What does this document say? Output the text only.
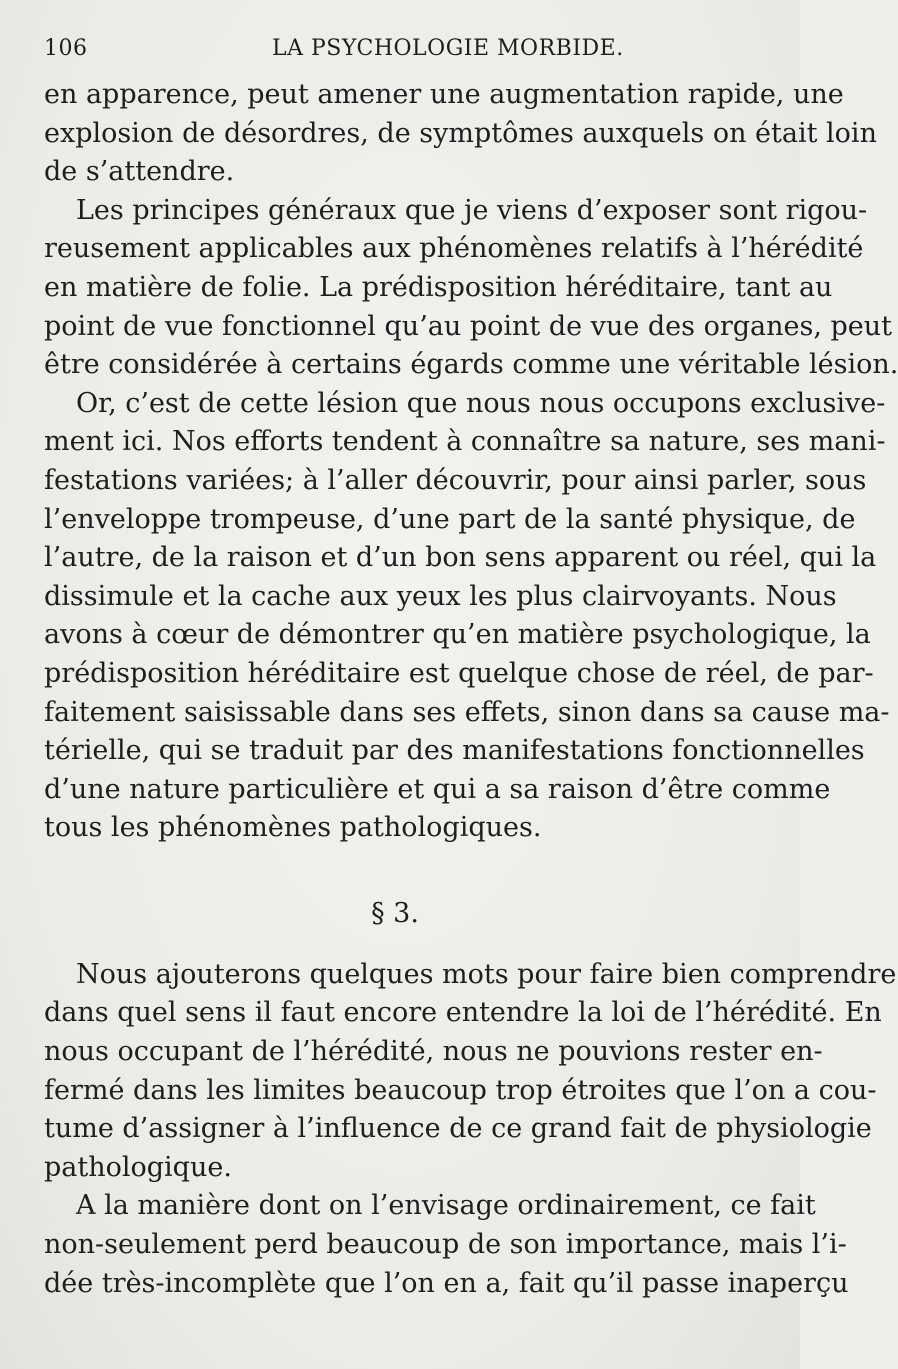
106	LA PSYCHOLOGIE MORBIDE.
en apparence, peut amener une augmentation rapide, une
explosion de désordres, de symptômes auxquels on était loin
de s’attendre.
Les principes généraux que je viens d’exposer sont rigou-
reusement applicables aux phénomènes relatifs à l’hérédité
en matière de folie. La prédisposition héréditaire, tant au
point de vue fonctionnel qu’au point de vue des organes, peut
être considérée à certains égards comme une véritable lésion.
Or, c’est de cette lésion que nous nous occupons exclusive-
ment ici. Nos efforts tendent à connaître sa nature, ses mani-
festations variées; à l’aller découvrir, pour ainsi parler, sous
l’enveloppe trompeuse, d’une part de la santé physique, de
l’autre, de la raison et d’un bon sens apparent ou réel, qui la
dissimule et la cache aux yeux les plus clairvoyants. Nous
avons à cœur de démontrer qu’en matière psychologique, la
prédisposition héréditaire est quelque chose de réel, de par-
faitement saisissable dans ses effets, sinon dans sa cause ma-
térielle, qui se traduit par des manifestations fonctionnelles
d’une nature particulière et qui a sa raison d’être comme
tous les phénomènes pathologiques.
§ 3.
Nous ajouterons quelques mots pour faire bien comprendre
dans quel sens il faut encore entendre la loi de l’hérédité. En
nous occupant de l’hérédité, nous ne pouvions rester en-
fermé dans les limites beaucoup trop étroites que l’on a cou-
tume d’assigner à l’influence de ce grand fait de physiologie
pathologique.
A la manière dont on l’envisage ordinairement, ce fait
non-seulement perd beaucoup de son importance, mais l’i-
dée très-incomplète que l’on en a, fait qu’il passe inaperçu
